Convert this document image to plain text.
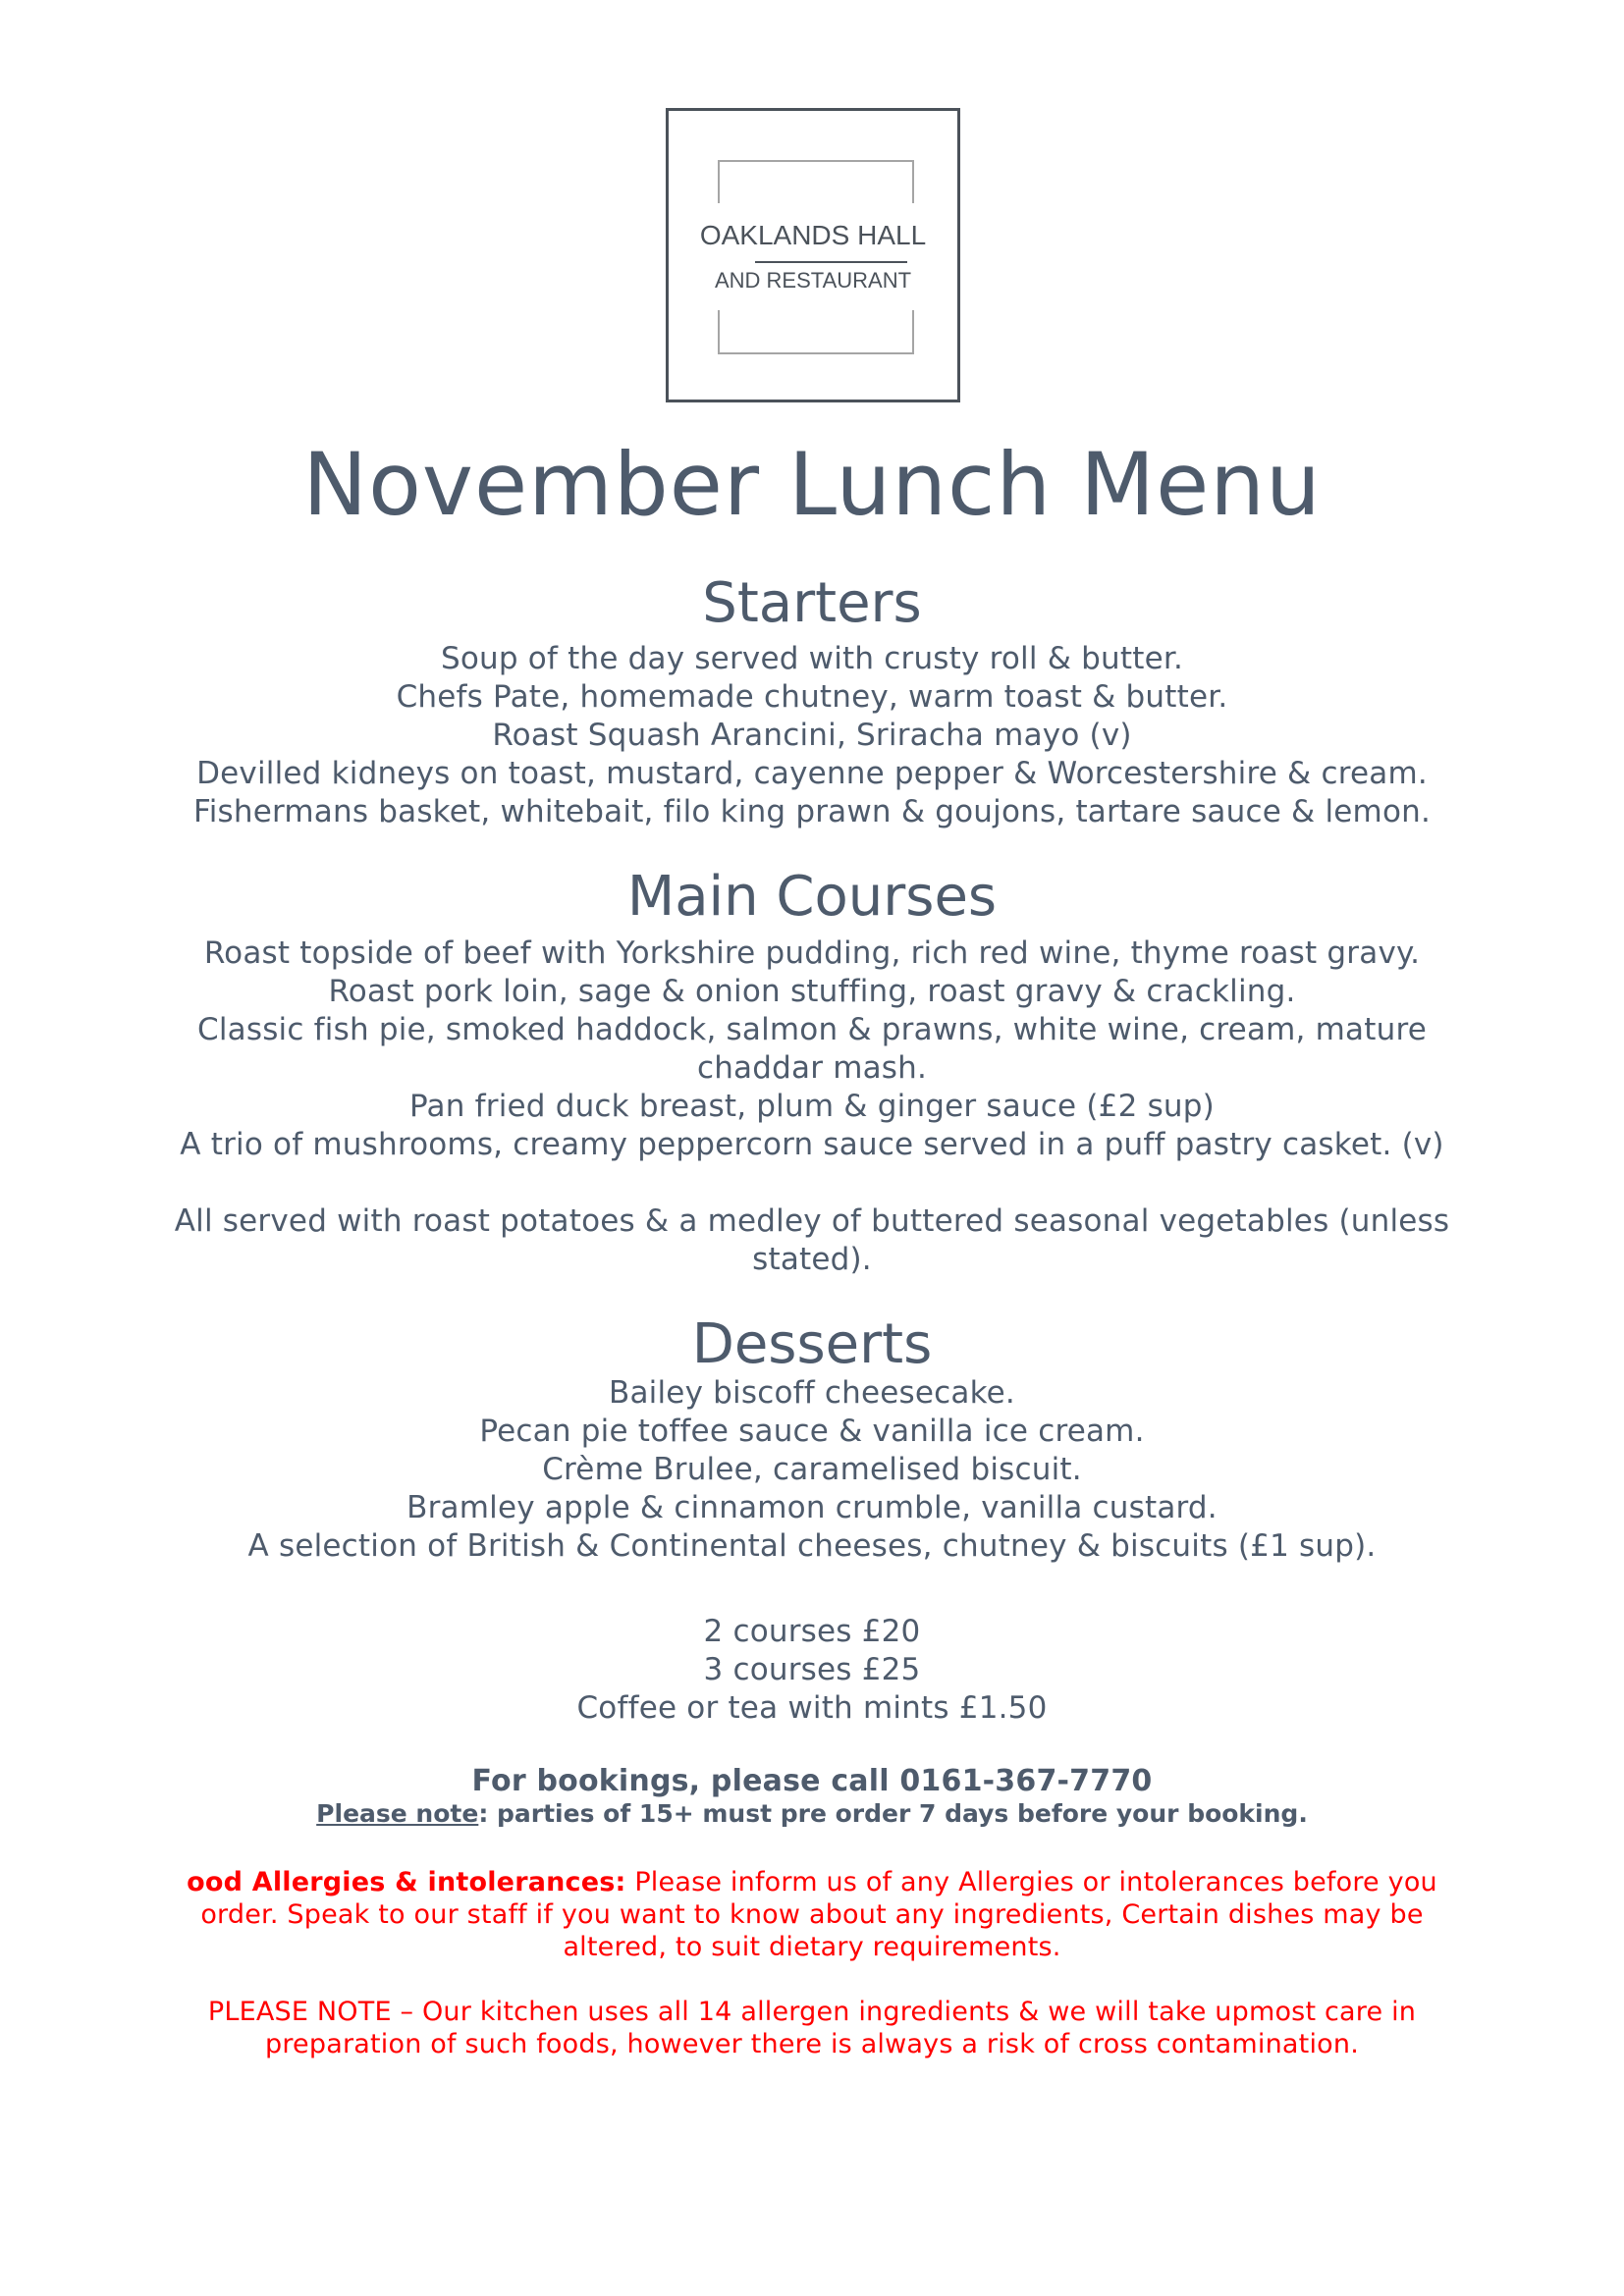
OAKLANDS HALL
AND RESTAURANT
November Lunch Menu
Starters
Soup of the day served with crusty roll & butter.
Chefs Pate, homemade chutney, warm toast & butter.
Roast Squash Arancini, Sriracha mayo (v)
Devilled kidneys on toast, mustard, cayenne pepper & Worcestershire & cream.
Fishermans basket, whitebait, filo king prawn & goujons, tartare sauce & lemon.
Main Courses
Roast topside of beef with Yorkshire pudding, rich red wine, thyme roast gravy.
Roast pork loin, sage & onion stuffing, roast gravy & crackling.
Classic fish pie, smoked haddock, salmon & prawns, white wine, cream, mature
chaddar mash.
Pan fried duck breast, plum & ginger sauce (£2 sup)
A trio of mushrooms, creamy peppercorn sauce served in a puff pastry casket. (v)
All served with roast potatoes & a medley of buttered seasonal vegetables (unless
stated).
Desserts
Bailey biscoff cheesecake.
Pecan pie toffee sauce & vanilla ice cream.
Crème Brulee, caramelised biscuit.
Bramley apple & cinnamon crumble, vanilla custard.
A selection of British & Continental cheeses, chutney & biscuits (£1 sup).
2 courses £20
3 courses £25
Coffee or tea with mints £1.50
For bookings, please call 0161-367-7770
Please note: parties of 15+ must pre order 7 days before your booking.
ood Allergies & intolerances: Please inform us of any Allergies or intolerances before you
order. Speak to our staff if you want to know about any ingredients, Certain dishes may be
altered, to suit dietary requirements.
PLEASE NOTE – Our kitchen uses all 14 allergen ingredients & we will take upmost care in
preparation of such foods, however there is always a risk of cross contamination.
